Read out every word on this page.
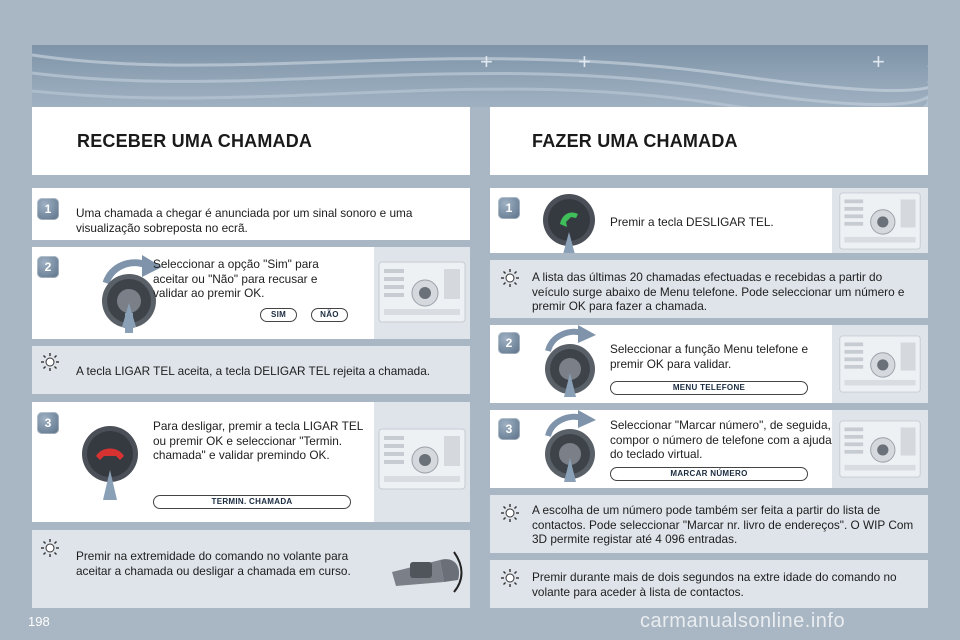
+	+	+
RECEBER UMA CHAMADA	FAZER UMA CHAMADA
1	Uma chamada a chegar é anunciada por um sinal sonoro e uma visualização sobreposta no ecrã.
2	Seleccionar a opção "Sim" para aceitar ou "Não" para recusar e validar ao premir OK.
SIM	NÃO
A tecla LIGAR TEL aceita, a tecla DELIGAR TEL rejeita a chamada.
3	Para desligar, premir a tecla LIGAR TEL ou premir OK e seleccionar "Termin. chamada" e validar premindo OK.
TERMIN. CHAMADA
Premir na extremidade do comando no volante para aceitar a chamada ou desligar a chamada em curso.
1
Premir a tecla DESLIGAR TEL.
A lista das últimas 20 chamadas efectuadas e recebidas a partir do veículo surge abaixo de Menu telefone. Pode seleccionar um número e premir OK para fazer a chamada.
2	Seleccionar a função Menu telefone e premir OK para validar.
MENU TELEFONE
3	Seleccionar "Marcar número", de seguida, compor o número de telefone com a ajuda do teclado virtual.
MARCAR NÚMERO
A escolha de um número pode também ser feita a partir do lista de contactos. Pode seleccionar "Marcar nr. livro de endereços". O WIP Com 3D permite registar até 4 096 entradas.
Premir durante mais de dois segundos na extre idade do comando no volante para aceder à lista de contactos.
198	carmanualsonline.info
